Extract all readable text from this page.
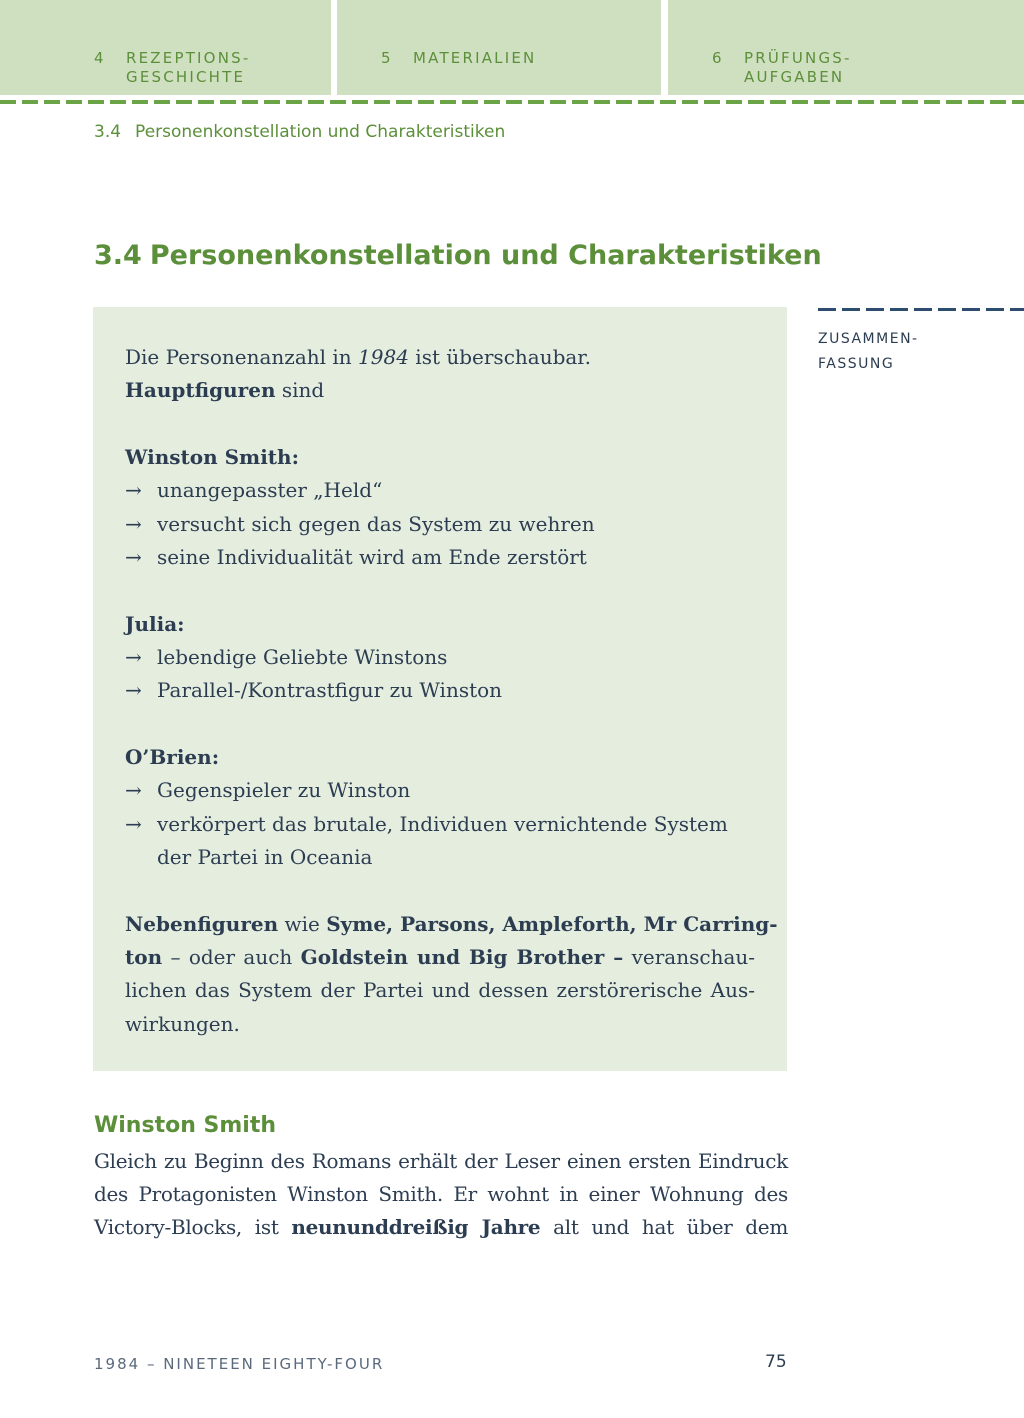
4 REZEPTIONS-
GESCHICHTE
5 MATERIALIEN	6 PRÜFUNGS-
AUFGABEN
3.4 Personenkonstellation und Charakteristiken
3.4 Personenkonstellation und Charakteristiken
ZUSAMMEN-
FASSUNG
Die Personenanzahl in 1984 ist überschaubar.
Hauptfiguren sind
Winston Smith:
→ unangepasster „Held“
→ versucht sich gegen das System zu wehren
→ seine Individualität wird am Ende zerstört
Julia:
→ lebendige Geliebte Winstons
→ Parallel-/Kontrastfigur zu Winston
O’Brien:
→ Gegenspieler zu Winston
→ verkörpert das brutale, Individuen vernichtende System
der Partei in Oceania
Nebenfiguren wie Syme, Parsons, Ampleforth, Mr Carring-
ton – oder auch Goldstein und Big Brother – veranschau-
lichen das System der Partei und dessen zerstörerische Aus-
wirkungen.
Winston Smith
Gleich zu Beginn des Romans erhält der Leser einen ersten Eindruck
des Protagonisten Winston Smith. Er wohnt in einer Wohnung des
Victory-Blocks, ist neununddreißig Jahre alt und hat über dem
1984 – NINETEEN EIGHTY-FOUR	75
